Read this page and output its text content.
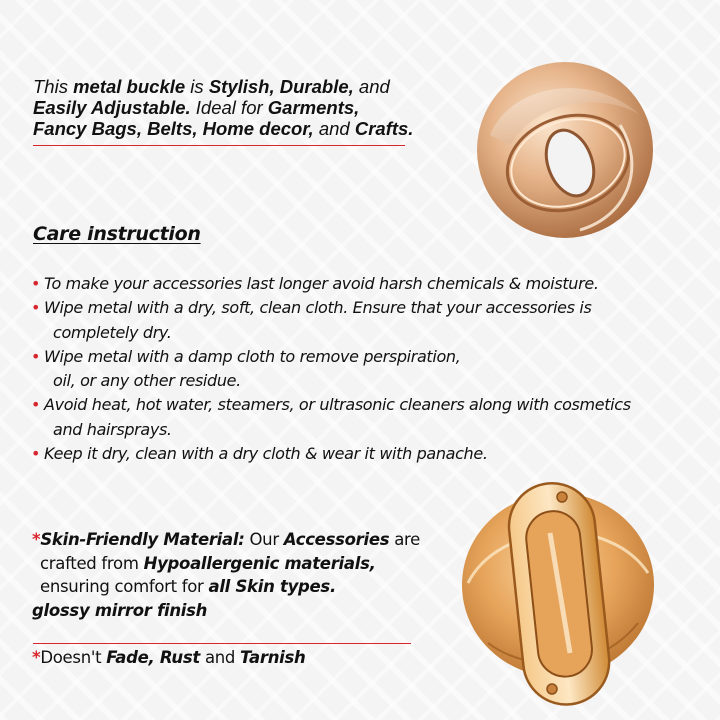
This metal buckle is Stylish, Durable, and
Easily Adjustable. Ideal for Garments,
Fancy Bags, Belts, Home decor, and Crafts.
Care instruction
• To make your accessories last longer avoid harsh chemicals & moisture.
• Wipe metal with a dry, soft, clean cloth. Ensure that your accessories is
completely dry.
• Wipe metal with a damp cloth to remove perspiration,
oil, or any other residue.
• Avoid heat, hot water, steamers, or ultrasonic cleaners along with cosmetics
and hairsprays.
• Keep it dry, clean with a dry cloth & wear it with panache.
*Skin-Friendly Material: Our Accessories are
crafted from Hypoallergenic materials,
ensuring comfort for all Skin types.
glossy mirror finish
*Doesn't Fade, Rust and Tarnish
